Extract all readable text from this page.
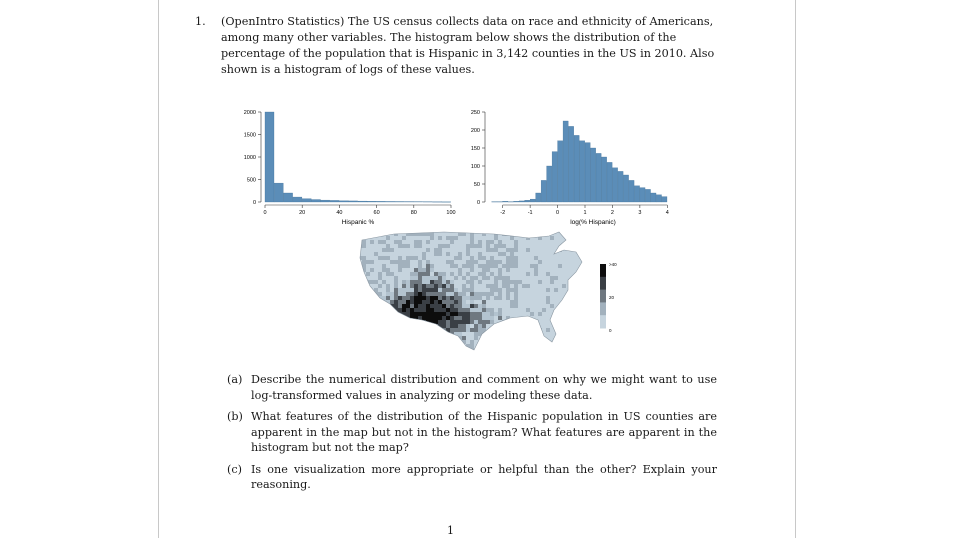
1. (OpenIntro Statistics) The US census collects data on race and ethnicity of Americans, among many other variables. The histogram below shows the distribution of the percentage of the population that is Hispanic in 3,142 counties in the US in 2010. Also shown is a histogram of logs of these values.
0
500
1000
1500
2000
0	20	40	60	80	100
Hispanic %
0
50
100
150
200
250
-2	-1	0	1	2	3	4
log(% Hispanic)
>40
20
0
(a) Describe the numerical distribution and comment on why we might want to use log-transformed values in analyzing or modeling these data.
(b) What features of the distribution of the Hispanic population in US counties are apparent in the map but not in the histogram? What features are apparent in the histogram but not the map?
(c) Is one visualization more appropriate or helpful than the other? Explain your reasoning.
1
